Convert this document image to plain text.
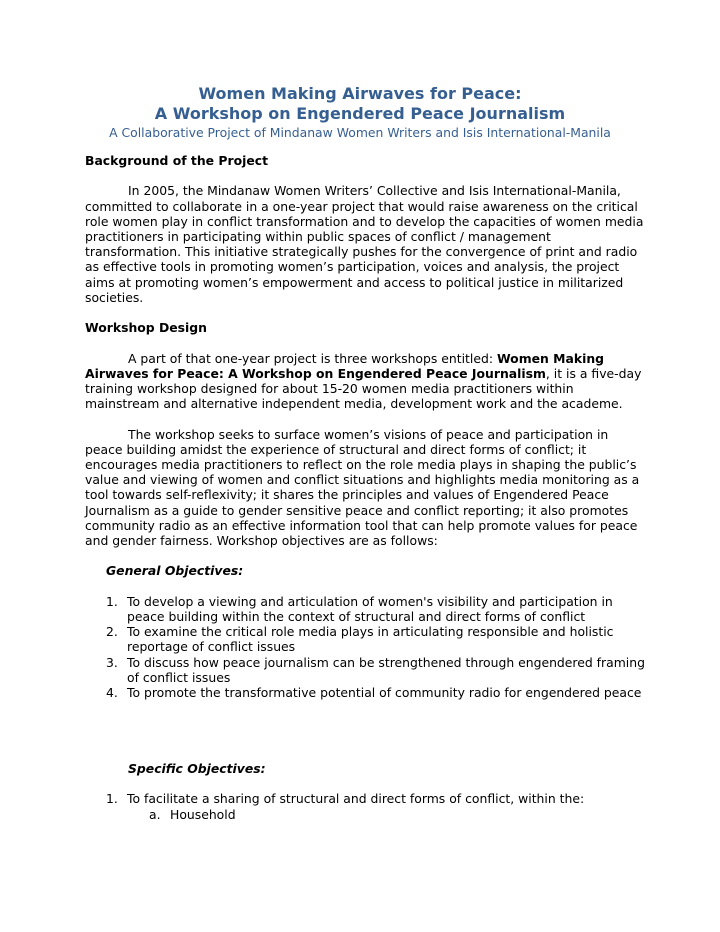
Women Making Airwaves for Peace:
A Workshop on Engendered Peace Journalism
A Collaborative Project of Mindanaw Women Writers and Isis International-Manila

Background of the Project

In 2005, the Mindanaw Women Writers’ Collective and Isis International-Manila, committed to collaborate in a one-year project that would raise awareness on the critical role women play in conflict transformation and to develop the capacities of women media practitioners in participating within public spaces of conflict / management transformation. This initiative strategically pushes for the convergence of print and radio as effective tools in promoting women’s participation, voices and analysis, the project aims at promoting women’s empowerment and access to political justice in militarized societies.

Workshop Design

A part of that one-year project is three workshops entitled: Women Making Airwaves for Peace: A Workshop on Engendered Peace Journalism, it is a five-day training workshop designed for about 15-20 women media practitioners within mainstream and alternative independent media, development work and the academe.

The workshop seeks to surface women’s visions of peace and participation in peace building amidst the experience of structural and direct forms of conflict; it encourages media practitioners to reflect on the role media plays in shaping the public’s value and viewing of women and conflict situations and highlights media monitoring as a tool towards self-reflexivity; it shares the principles and values of Engendered Peace Journalism as a guide to gender sensitive peace and conflict reporting; it also promotes community radio as an effective information tool that can help promote values for peace and gender fairness. Workshop objectives are as follows:

General Objectives:

1. To develop a viewing and articulation of women's visibility and participation in peace building within the context of structural and direct forms of conflict
2. To examine the critical role media plays in articulating responsible and holistic reportage of conflict issues
3. To discuss how peace journalism can be strengthened through engendered framing of conflict issues
4. To promote the transformative potential of community radio for engendered peace

Specific Objectives:

1. To facilitate a sharing of structural and direct forms of conflict, within the:
a. Household
